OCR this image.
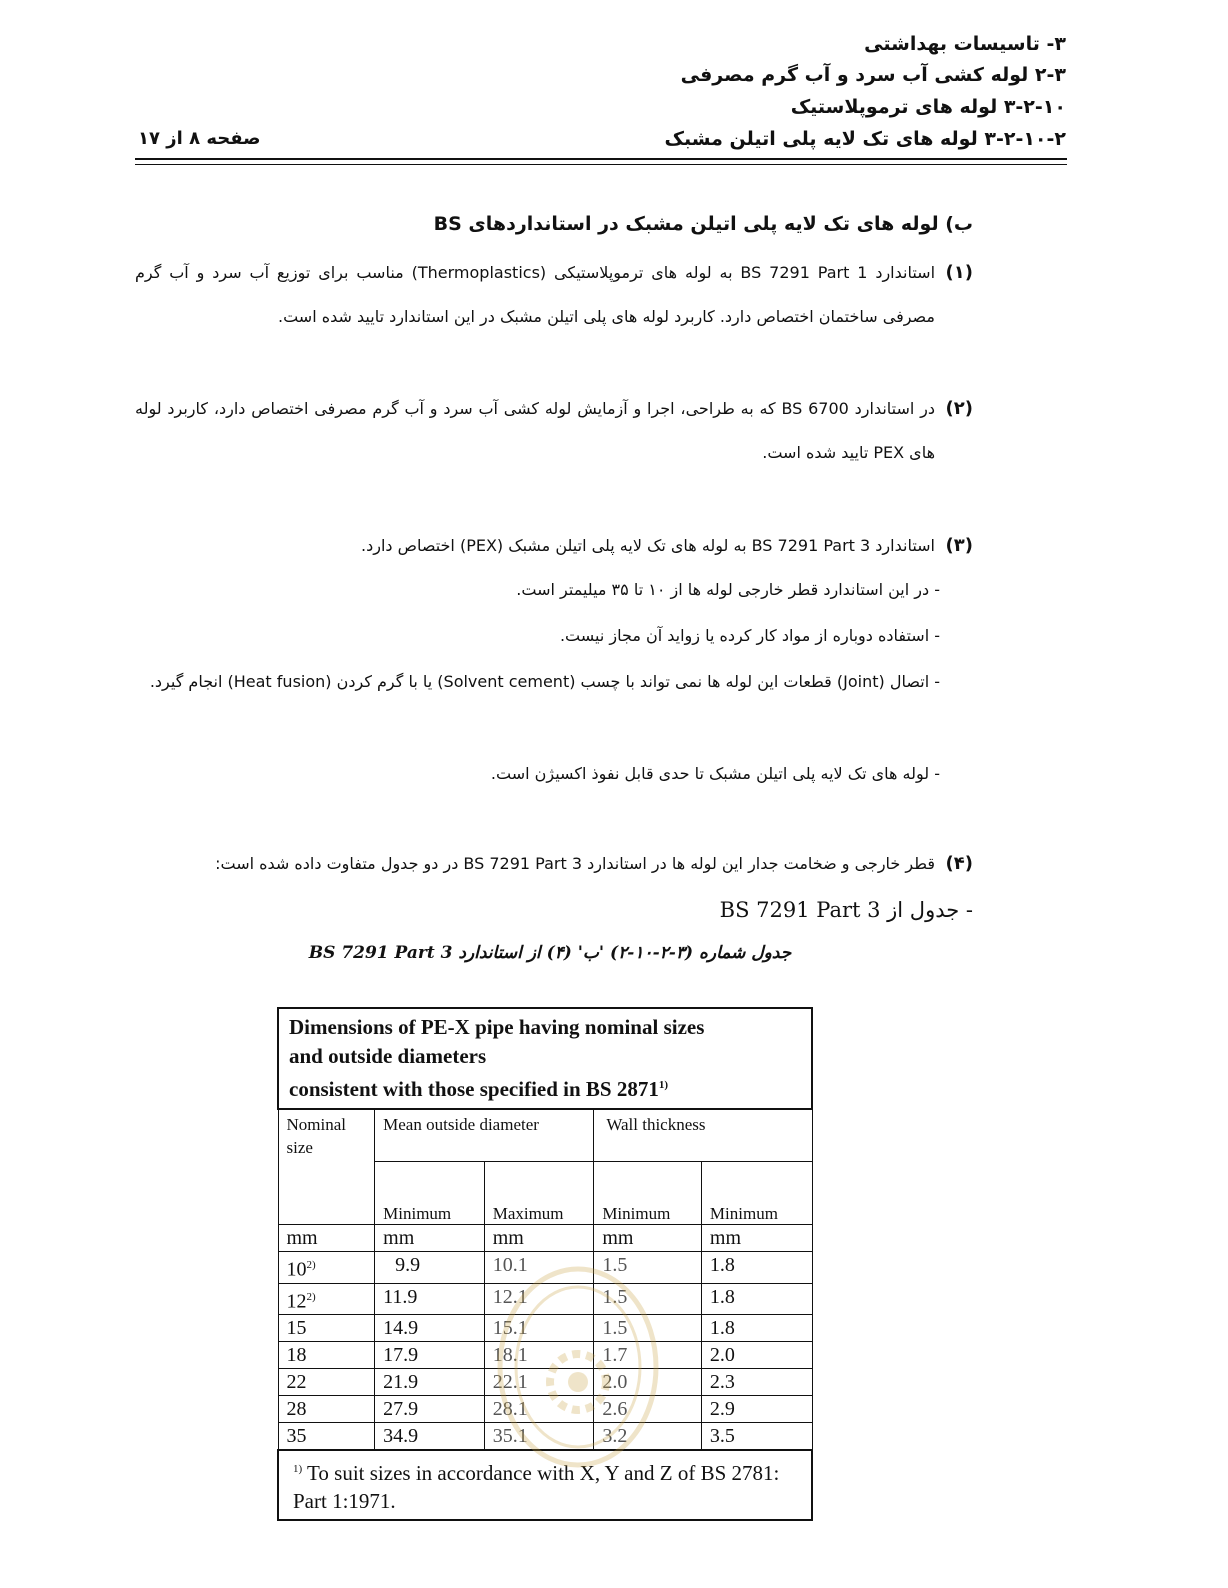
۳- تاسیسات بهداشتی
۲-۳ لوله کشی آب سرد و آب گرم مصرفی
۳-۲-۱۰ لوله های ترموپلاستیک
۳-۲-۱۰-۲ لوله های تک لایه پلی اتیلن مشبک
صفحه ۸ از ۱۷
ب) لوله های تک لایه پلی اتیلن مشبک در استانداردهای BS
(۱)
استاندارد BS 7291 Part 1 به لوله های ترموپلاستیکی (Thermoplastics) مناسب برای توزیع آب سرد و آب گرم مصرفی ساختمان اختصاص دارد. کاربرد لوله های پلی اتیلن مشبک در این استاندارد تایید شده است.
(۲)
در استاندارد BS 6700 که به طراحی، اجرا و آزمایش لوله کشی آب سرد و آب گرم مصرفی اختصاص دارد، کاربرد لوله های PEX تایید شده است.
(۳)
استاندارد BS 7291 Part 3 به لوله های تک لایه پلی اتیلن مشبک (PEX) اختصاص دارد.
- در این استاندارد قطر خارجی لوله ها از ۱۰ تا ۳۵ میلیمتر است.
- استفاده دوباره از مواد کار کرده یا زواید آن مجاز نیست.
- اتصال (Joint) قطعات این لوله ها نمی تواند با چسب (Solvent cement) یا با گرم کردن (Heat fusion) انجام گیرد.
- لوله های تک لایه پلی اتیلن مشبک تا حدی قابل نفوذ اکسیژن است.
(۴)
قطر خارجی و ضخامت جدار این لوله ها در استاندارد BS 7291 Part 3 در دو جدول متفاوت داده شده است:
- جدول از BS 7291 Part 3
جدول شماره (۳-۲-۱۰-۲) 'ب' (۴) از استاندارد BS 7291 Part 3
Dimensions of PE-X pipe having nominal sizes
and outside diameters
consistent with those specified in BS 2871$^{1)}$
Nominal size	Mean outside diameter		Wall thickness	
	Minimum	Maximum	Minimum	Minimum
mm	mm	mm	mm	mm
10$^{2)}$	9.9	10.1	1.5	1.8
12$^{2)}$	11.9	12.1	1.5	1.8
15	14.9	15.1	1.5	1.8
18	17.9	18.1	1.7	2.0
22	21.9	22.1	2.0	2.3
28	27.9	28.1	2.6	2.9
35	34.9	35.1	3.2	3.5
$^{1)}$ To suit sizes in accordance with X, Y and Z of BS 2781: Part 1:1971.				
